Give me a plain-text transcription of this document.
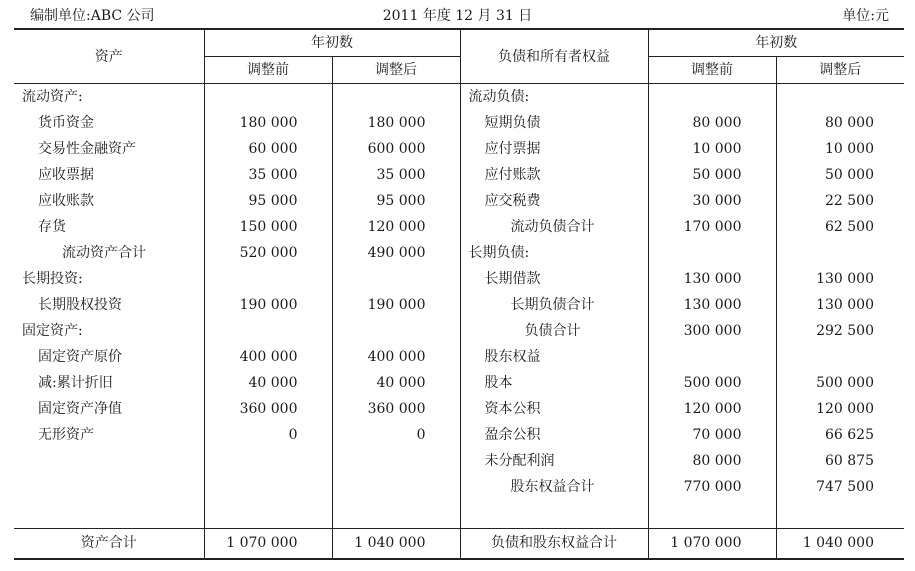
2011 年度 12 月 31 日
编制单位:ABC 公司	单位:元
资产	年初数		负债和所有者权益	年初数	
	调整前	调整后		调整前	调整后
流动资产:			流动负债:		
货币资金	180 000	180 000	短期负债	80 000	80 000
交易性金融资产	60 000	600 000	应付票据	10 000	10 000
应收票据	35 000	35 000	应付账款	50 000	50 000
应收账款	95 000	95 000	应交税费	30 000	22 500
存货	150 000	120 000	流动负债合计	170 000	62 500
流动资产合计	520 000	490 000	长期负债:		
长期投资:			长期借款	130 000	130 000
长期股权投资	190 000	190 000	长期负债合计	130 000	130 000
固定资产:			负债合计	300 000	292 500
固定资产原价	400 000	400 000	股东权益		
减:累计折旧	40 000	40 000	股本	500 000	500 000
固定资产净值	360 000	360 000	资本公积	120 000	120 000
无形资产	0	0	盈余公积	70 000	66 625
			未分配利润	80 000	60 875
			股东权益合计	770 000	747 500

资产合计	1 070 000	1 040 000	负债和股东权益合计	1 070 000	1 040 000
